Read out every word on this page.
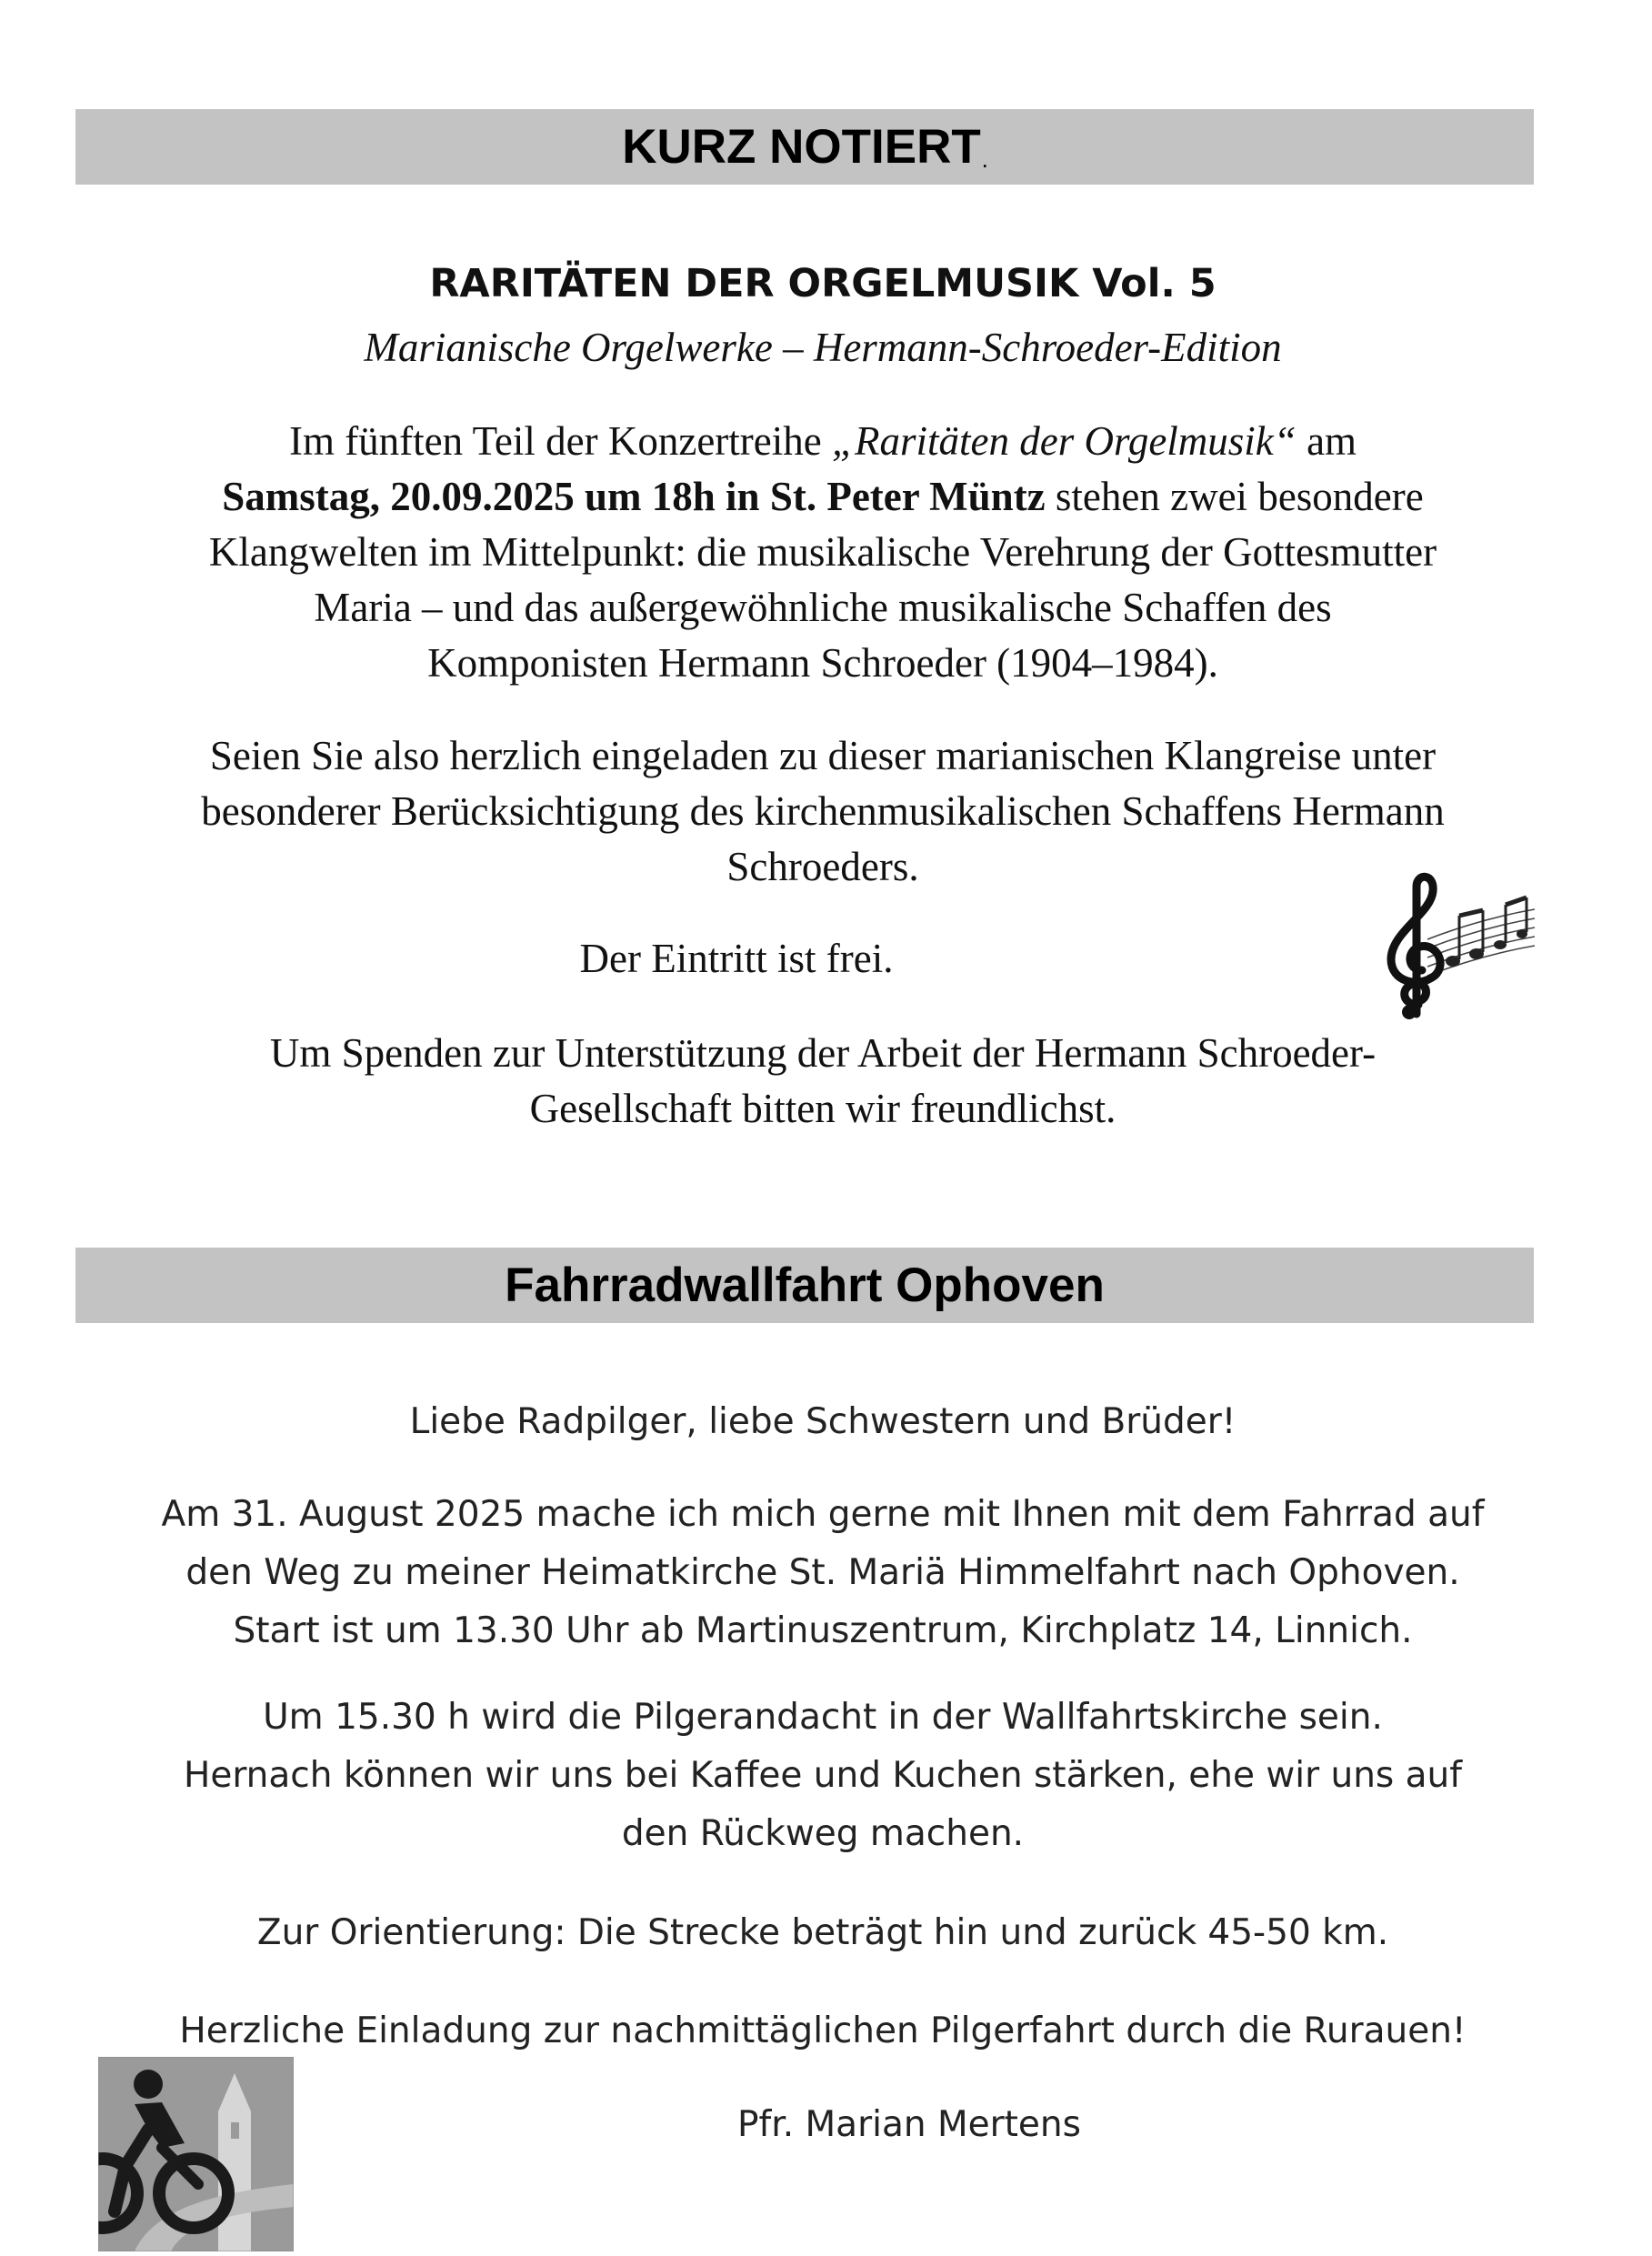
KURZ NOTIERT .
RARITÄTEN DER ORGELMUSIK Vol. 5
Marianische Orgelwerke – Hermann-Schroeder-Edition
Im fünften Teil der Konzertreihe „Raritäten der Orgelmusik“ am
Samstag, 20.09.2025 um 18h in St. Peter Müntz stehen zwei besondere
Klangwelten im Mittelpunkt: die musikalische Verehrung der Gottesmutter
Maria – und das außergewöhnliche musikalische Schaffen des
Komponisten Hermann Schroeder (1904–1984).
Seien Sie also herzlich eingeladen zu dieser marianischen Klangreise unter
besonderer Berücksichtigung des kirchenmusikalischen Schaffens Hermann
Schroeders.
Der Eintritt ist frei.
Um Spenden zur Unterstützung der Arbeit der Hermann Schroeder-
Gesellschaft bitten wir freundlichst.
Fahrradwallfahrt Ophoven
Liebe Radpilger, liebe Schwestern und Brüder!
Am 31. August 2025 mache ich mich gerne mit Ihnen mit dem Fahrrad auf
den Weg zu meiner Heimatkirche St. Mariä Himmelfahrt nach Ophoven.
Start ist um 13.30 Uhr ab Martinuszentrum, Kirchplatz 14, Linnich.
Um 15.30 h wird die Pilgerandacht in der Wallfahrtskirche sein.
Hernach können wir uns bei Kaffee und Kuchen stärken, ehe wir uns auf
den Rückweg machen.
Zur Orientierung: Die Strecke beträgt hin und zurück 45-50 km.
Herzliche Einladung zur nachmittäglichen Pilgerfahrt durch die Rurauen!
Pfr. Marian Mertens
